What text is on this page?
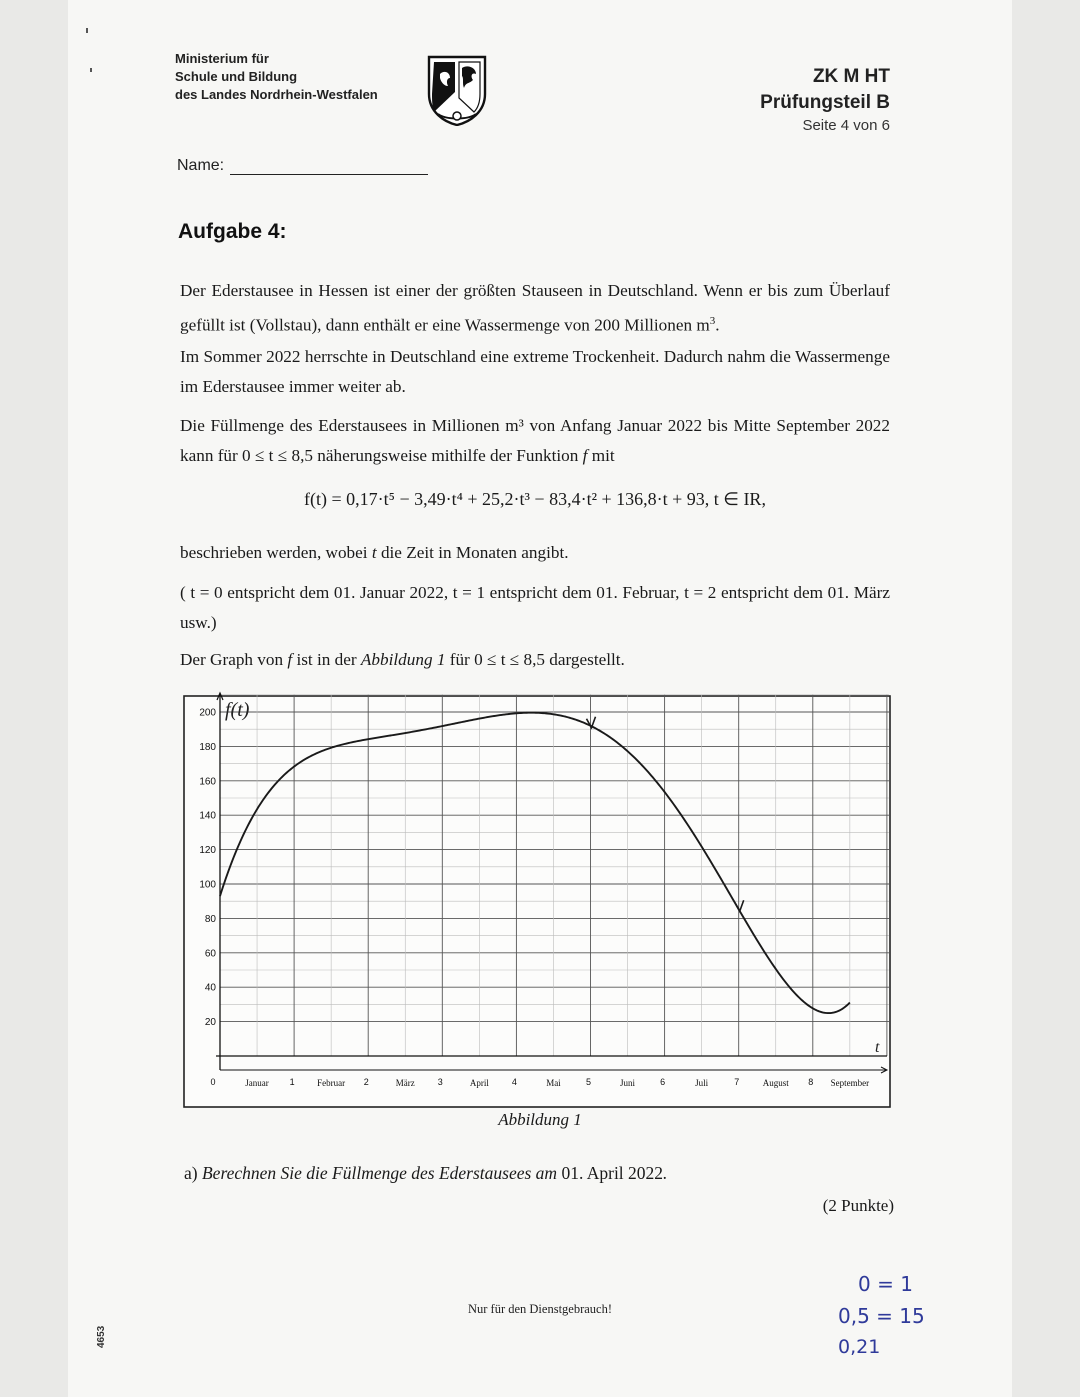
Ministerium für
Schule und Bildung
des Landes Nordrhein-Westfalen
ZK M HT
Prüfungsteil B
Seite 4 von 6
Name:
Aufgabe 4:
Der Ederstausee in Hessen ist einer der größten Stauseen in Deutschland. Wenn er bis zum Überlauf gefüllt ist (Vollstau), dann enthält er eine Wassermenge von 200 Millionen $m^3$.
Im Sommer 2022 herrschte in Deutschland eine extreme Trockenheit. Dadurch nahm die Wassermenge im Ederstausee immer weiter ab.
Die Füllmenge des Ederstausees in Millionen m³ von Anfang Januar 2022 bis Mitte September 2022 kann für 0 ≤ t ≤ 8,5 näherungsweise mithilfe der Funktion f mit
f(t) = 0,17·t⁵ − 3,49·t⁴ + 25,2·t³ − 83,4·t² + 136,8·t + 93, t ∈ IR,
beschrieben werden, wobei t die Zeit in Monaten angibt.
( t = 0 entspricht dem 01. Januar 2022, t = 1 entspricht dem 01. Februar, t = 2 entspricht dem 01. März usw.)
Der Graph von f ist in der Abbildung 1 für 0 ≤ t ≤ 8,5 dargestellt.
20
40
60
80
100
120
140
160
180
200
0	1	2	3	4	5	6	7	8
Januar	Februar	März	April	Mai	Juni	Juli	August	September
f(t)
t
Abbildung 1
a) Berechnen Sie die Füllmenge des Ederstausees am 01. April 2022.
(2 Punkte)
Nur für den Dienstgebrauch!
4653
0 = 1
0,5 = 15
0,21
